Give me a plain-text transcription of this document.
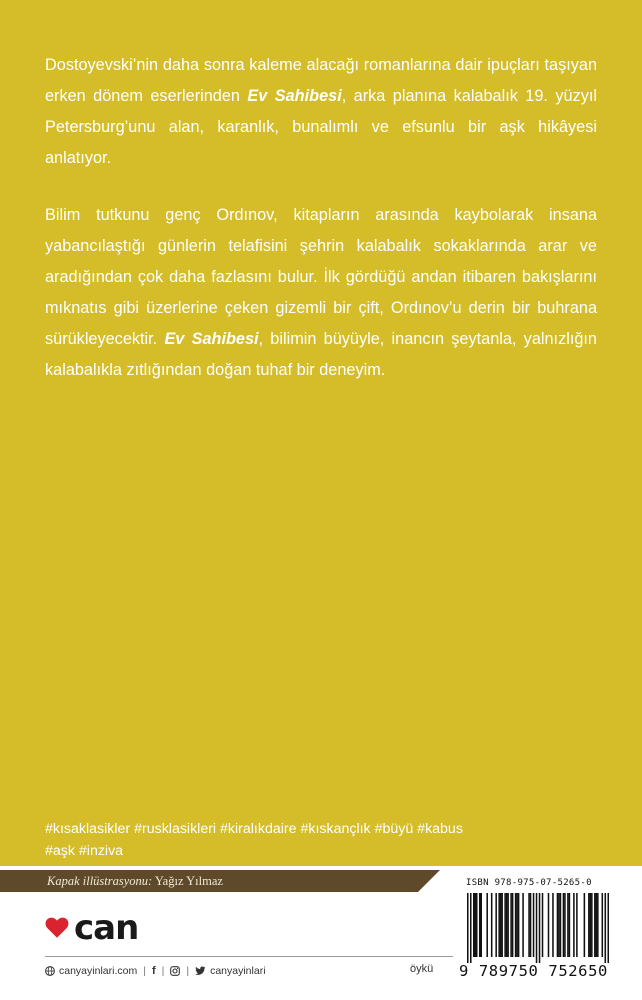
Dostoyevski’nin daha sonra kaleme alacağı romanlarına dair ipuçları taşıyan erken dönem eserlerinden Ev Sahibesi, arka planına kalabalık 19. yüzyıl Petersburg’unu alan, karanlık, bunalımlı ve efsunlu bir aşk hikâyesi anlatıyor.

Bilim tutkunu genç Ordınov, kitapların arasında kaybolarak insana yabancılaştığı günlerin telafisini şehrin kalabalık sokaklarında arar ve aradığından çok daha fazlasını bulur. İlk gördüğü andan itibaren bakışlarını mıknatıs gibi üzerlerine çeken gizemli bir çift, Ordınov’u derin bir buhrana sürükleyecektir. Ev Sahibesi, bilimin büyüyle, inancın şeytanla, yalnızlığın kalabalıkla zıtlığından doğan tuhaf bir deneyim.

#kısaklasikler #rusklasikleri #kiralıkdaire #kıskançlık #büyü #kabus
#aşk #inziva

Kapak illüstrasyonu: Yağız Yılmaz
can
canyayinlari.com | f | | canyayinlari	öykü
ISBN 978-975-07-5265-0
9 789750 752650
